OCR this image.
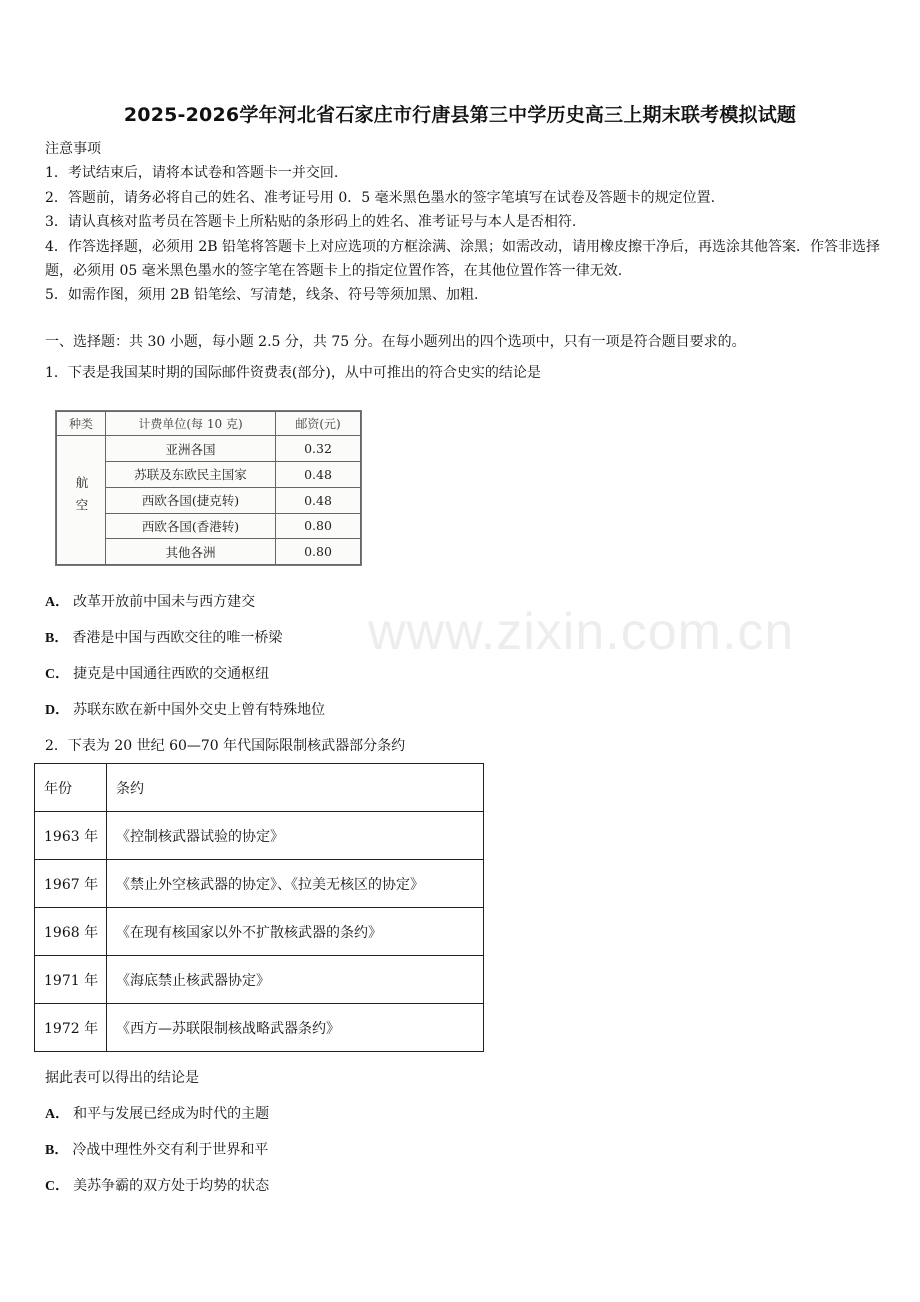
2025-2026学年河北省石家庄市行唐县第三中学历史高三上期末联考模拟试题

注意事项

1．考试结束后，请将本试卷和答题卡一并交回.

2．答题前，请务必将自己的姓名、准考证号用 0．5 毫米黑色墨水的签字笔填写在试卷及答题卡的规定位置.

3．请认真核对监考员在答题卡上所粘贴的条形码上的姓名、准考证号与本人是否相符.

4．作答选择题，必须用 2B 铅笔将答题卡上对应选项的方框涂满、涂黑；如需改动，请用橡皮擦干净后，再选涂其他答案．作答非选择题，必须用 05 毫米黑色墨水的签字笔在答题卡上的指定位置作答，在其他位置作答一律无效.

5．如需作图，须用 2B 铅笔绘、写清楚，线条、符号等须加黑、加粗.

一、选择题：共 30 小题，每小题 2.5 分，共 75 分。在每小题列出的四个选项中，只有一项是符合题目要求的。
1．下表是我国某时期的国际邮件资费表(部分)，从中可推出的符合史实的结论是
种类	计费单位(每 10 克)	邮资(元)
航空	亚洲各国	0.32
	苏联及东欧民主国家	0.48
	西欧各国(捷克转)	0.48
	西欧各国(香港转)	0.80
	其他各洲	0.80
A． 改革开放前中国未与西方建交
B． 香港是中国与西欧交往的唯一桥梁
C． 捷克是中国通往西欧的交通枢纽
D． 苏联东欧在新中国外交史上曾有特殊地位
2．下表为 20 世纪 60—70 年代国际限制核武器部分条约
年份	条约
1963 年	《控制核武器试验的协定》
1967 年	《禁止外空核武器的协定》、《拉美无核区的协定》
1968 年	《在现有核国家以外不扩散核武器的条约》
1971 年	《海底禁止核武器协定》
1972 年	《西方—苏联限制核战略武器条约》
据此表可以得出的结论是
A． 和平与发展已经成为时代的主题
B． 冷战中理性外交有利于世界和平
C． 美苏争霸的双方处于均势的状态
www.zixin.com.cn
